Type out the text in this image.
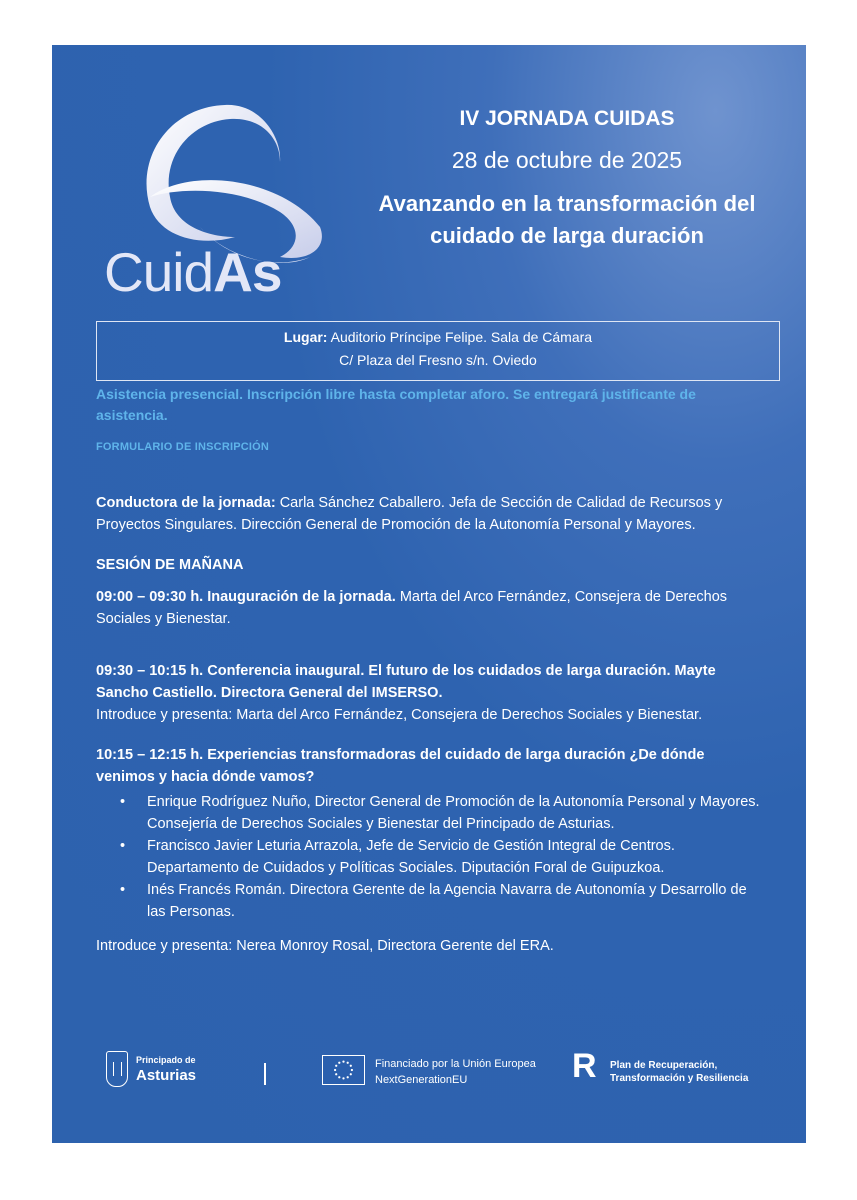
CuidAs
IV JORNADA CUIDAS
28 de octubre de 2025
Avanzando en la transformación del
cuidado de larga duración
Lugar: Auditorio Príncipe Felipe. Sala de Cámara
C/ Plaza del Fresno s/n. Oviedo
Asistencia presencial. Inscripción libre hasta completar aforo. Se entregará justificante de asistencia.
FORMULARIO DE INSCRIPCIÓN

Conductora de la jornada: Carla Sánchez Caballero. Jefa de Sección de Calidad de Recursos y Proyectos Singulares. Dirección General de Promoción de la Autonomía Personal y Mayores.

SESIÓN DE MAÑANA

09:00 – 09:30 h. Inauguración de la jornada. Marta del Arco Fernández, Consejera de Derechos Sociales y Bienestar.

09:30 – 10:15 h. Conferencia inaugural. El futuro de los cuidados de larga duración. Mayte Sancho Castiello. Directora General del IMSERSO.

Introduce y presenta: Marta del Arco Fernández, Consejera de Derechos Sociales y Bienestar.

10:15 – 12:15 h. Experiencias transformadoras del cuidado de larga duración ¿De dónde venimos y hacia dónde vamos?

• Enrique Rodríguez Nuño, Director General de Promoción de la Autonomía Personal y Mayores. Consejería de Derechos Sociales y Bienestar del Principado de Asturias.
• Francisco Javier Leturia Arrazola, Jefe de Servicio de Gestión Integral de Centros. Departamento de Cuidados y Políticas Sociales. Diputación Foral de Guipuzkoa.
• Inés Francés Román. Directora Gerente de la Agencia Navarra de Autonomía y Desarrollo de las Personas.

Introduce y presenta: Nerea Monroy Rosal, Directora Gerente del ERA.

Principado de
Asturias
Financiado por la Unión Europea
NextGenerationEU	R Plan de Recuperación,
Transformación y Resiliencia
